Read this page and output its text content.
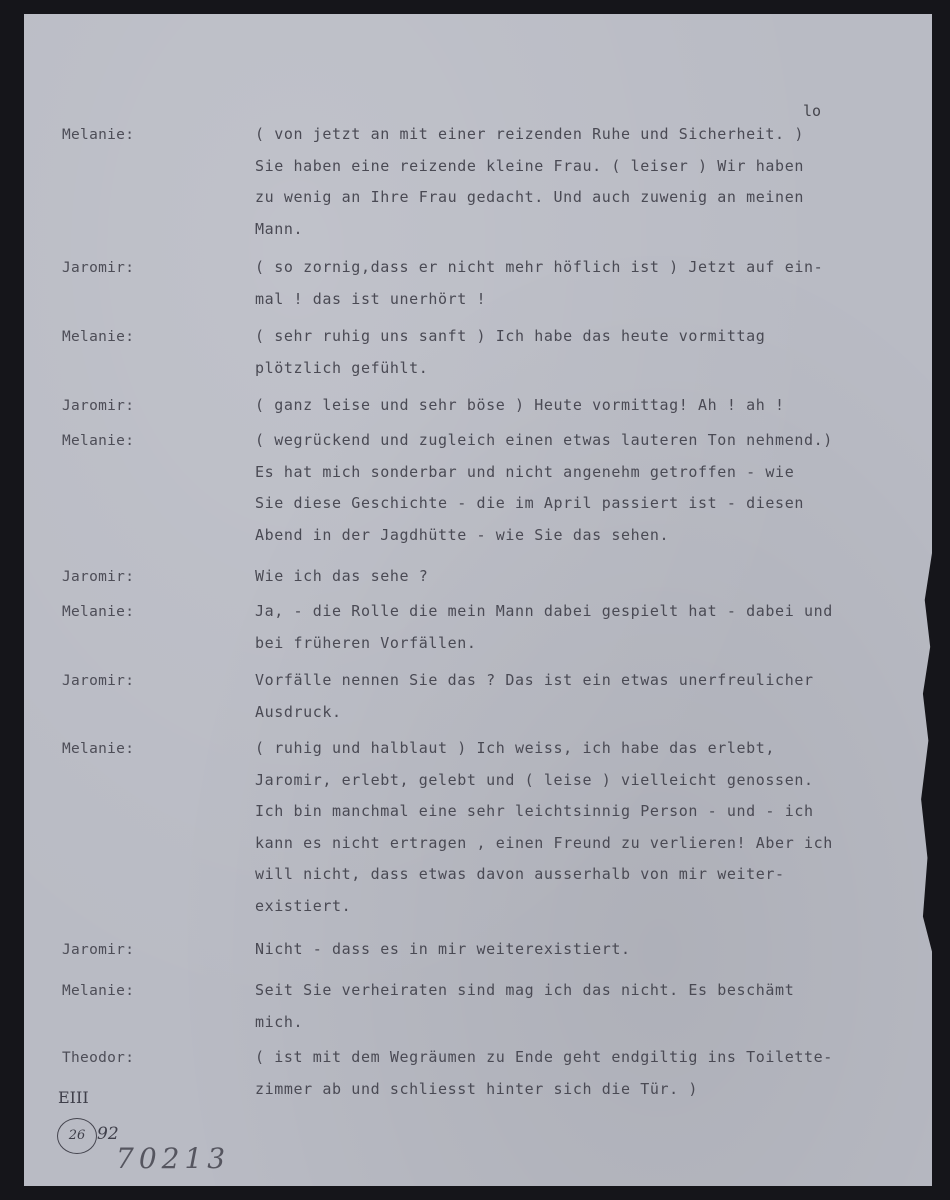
lo
Melanie:	( von jetzt an mit einer reizenden Ruhe und Sicherheit. )
Sie haben eine reizende kleine Frau. ( leiser ) Wir haben
zu wenig an Ihre Frau gedacht. Und auch zuwenig an meinen
Mann.
Jaromir:	( so zornig,dass er nicht mehr höflich ist ) Jetzt auf ein-
mal ! das ist unerhört !
Melanie:	( sehr ruhig uns sanft ) Ich habe das heute vormittag
plötzlich gefühlt.
Jaromir:	( ganz leise und sehr böse ) Heute vormittag! Ah ! ah !
Melanie:	( wegrückend und zugleich einen etwas lauteren Ton nehmend.)
Es hat mich sonderbar und nicht angenehm getroffen - wie
Sie diese Geschichte - die im April passiert ist - diesen
Abend in der Jagdhütte - wie Sie das sehen.
Jaromir:	Wie ich das sehe ?
Melanie:	Ja, - die Rolle die mein Mann dabei gespielt hat - dabei und
bei früheren Vorfällen.
Jaromir:	Vorfälle nennen Sie das ? Das ist ein etwas unerfreulicher
Ausdruck.
Melanie:	( ruhig und halblaut ) Ich weiss, ich habe das erlebt,
Jaromir, erlebt, gelebt und ( leise ) vielleicht genossen.
Ich bin manchmal eine sehr leichtsinnig Person - und - ich
kann es nicht ertragen , einen Freund zu verlieren! Aber ich
will nicht, dass etwas davon ausserhalb von mir weiter-
existiert.
Jaromir:	Nicht - dass es in mir weiterexistiert.
Melanie:	Seit Sie verheiraten sind mag ich das nicht. Es beschämt
mich.
Theodor:	( ist mit dem Wegräumen zu Ende geht endgiltig ins Toilette-
zimmer ab und schliesst hinter sich die Tür. )
EIII
26 92
70213
